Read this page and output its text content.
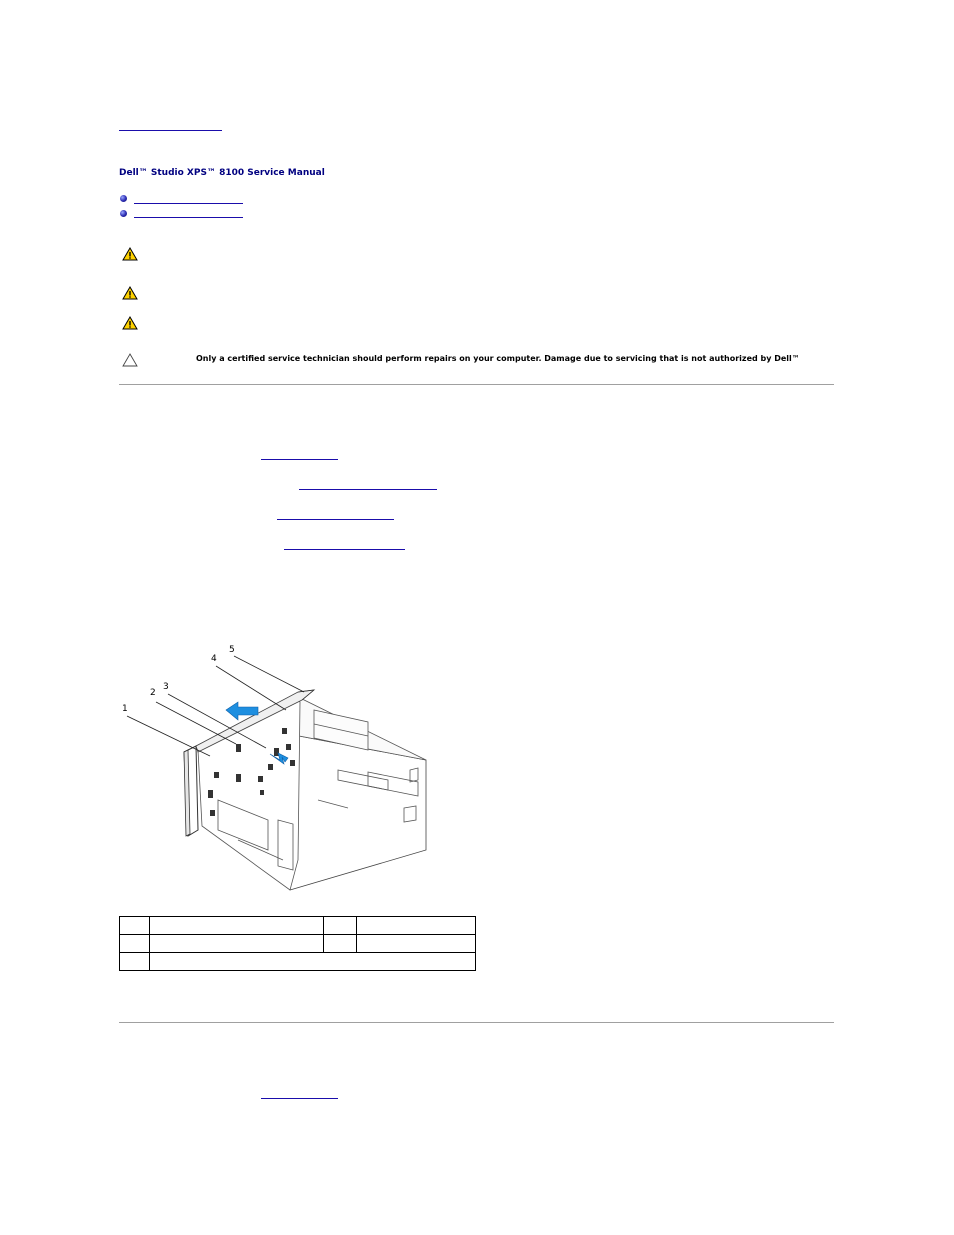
Dell™ Studio XPS™ 8100 Service Manual
Only a certified service technician should perform repairs on your computer. Damage due to servicing that is not authorized by Dell™
1
2
3
4
5
